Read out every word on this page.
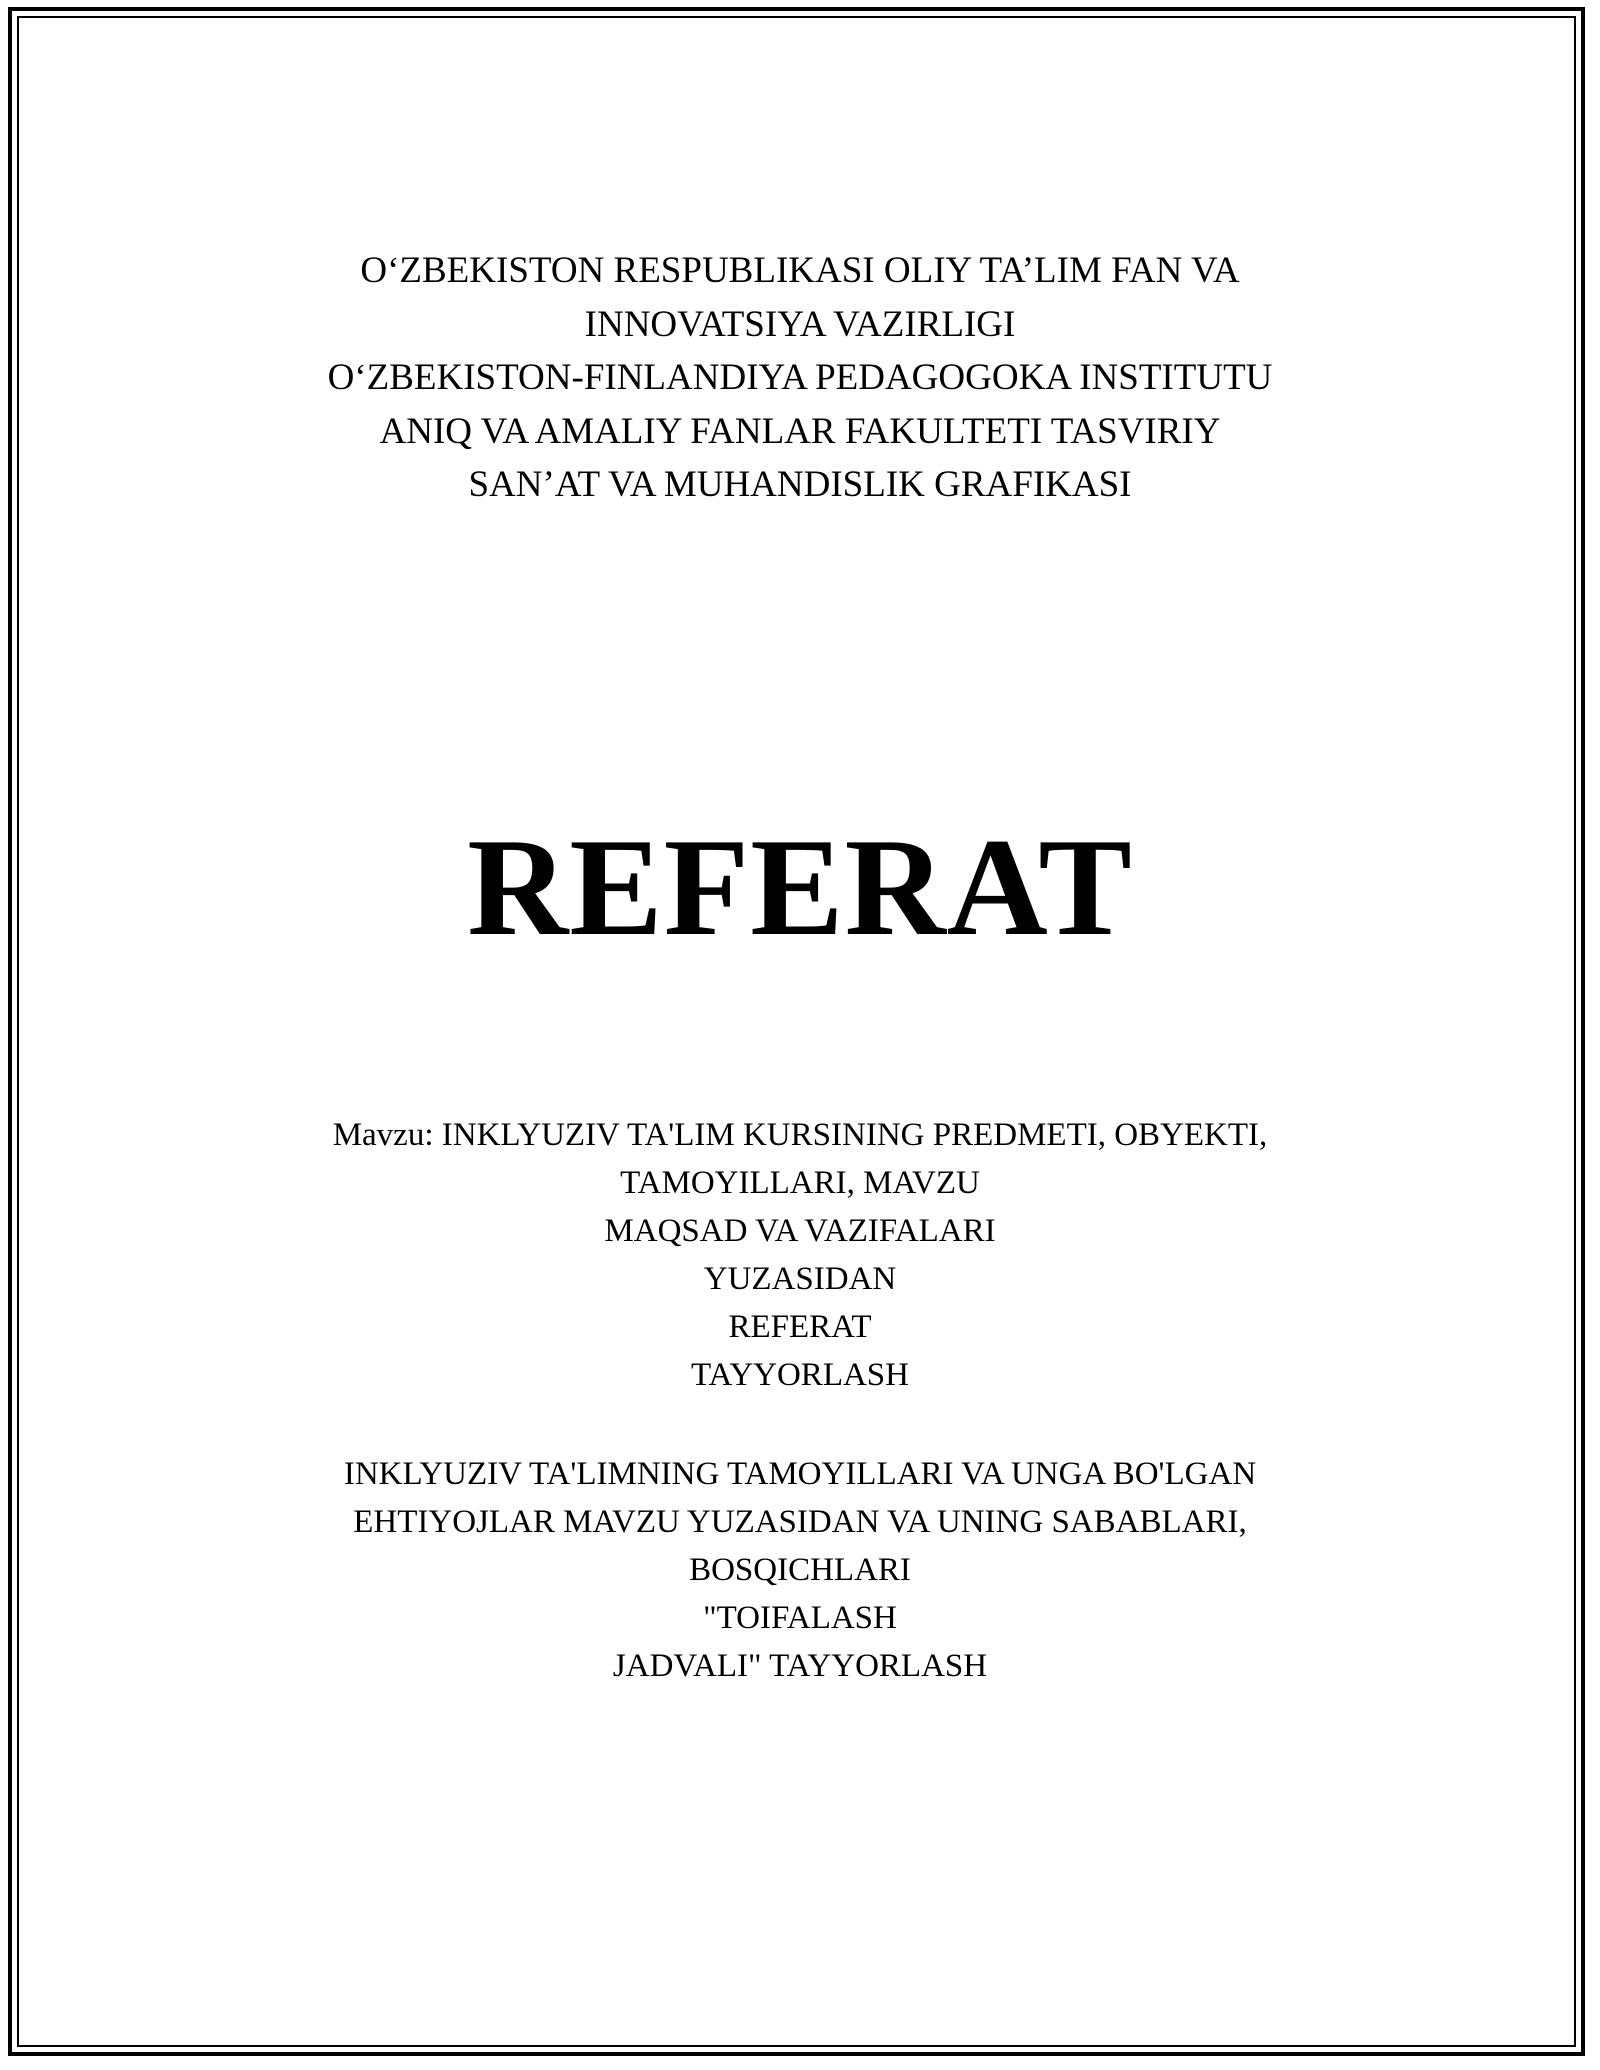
O‘ZBEKISTON RESPUBLIKASI OLIY TA’LIM FAN VA
INNOVATSIYA VAZIRLIGI
O‘ZBEKISTON-FINLANDIYA PEDAGOGOKA INSTITUTU
ANIQ VA AMALIY FANLAR FAKULTETI TASVIRIY
SAN’AT VA MUHANDISLIK GRAFIKASI
REFERAT
Mavzu: INKLYUZIV TA'LIM KURSINING PREDMETI, OBYEKTI,
TAMOYILLARI, MAVZU
MAQSAD VA VAZIFALARI
YUZASIDAN
REFERAT
TAYYORLASH
INKLYUZIV TA'LIMNING TAMOYILLARI VA UNGA BO'LGAN
EHTIYOJLAR MAVZU YUZASIDAN VA UNING SABABLARI,
BOSQICHLARI
"TOIFALASH
JADVALI" TAYYORLASH
